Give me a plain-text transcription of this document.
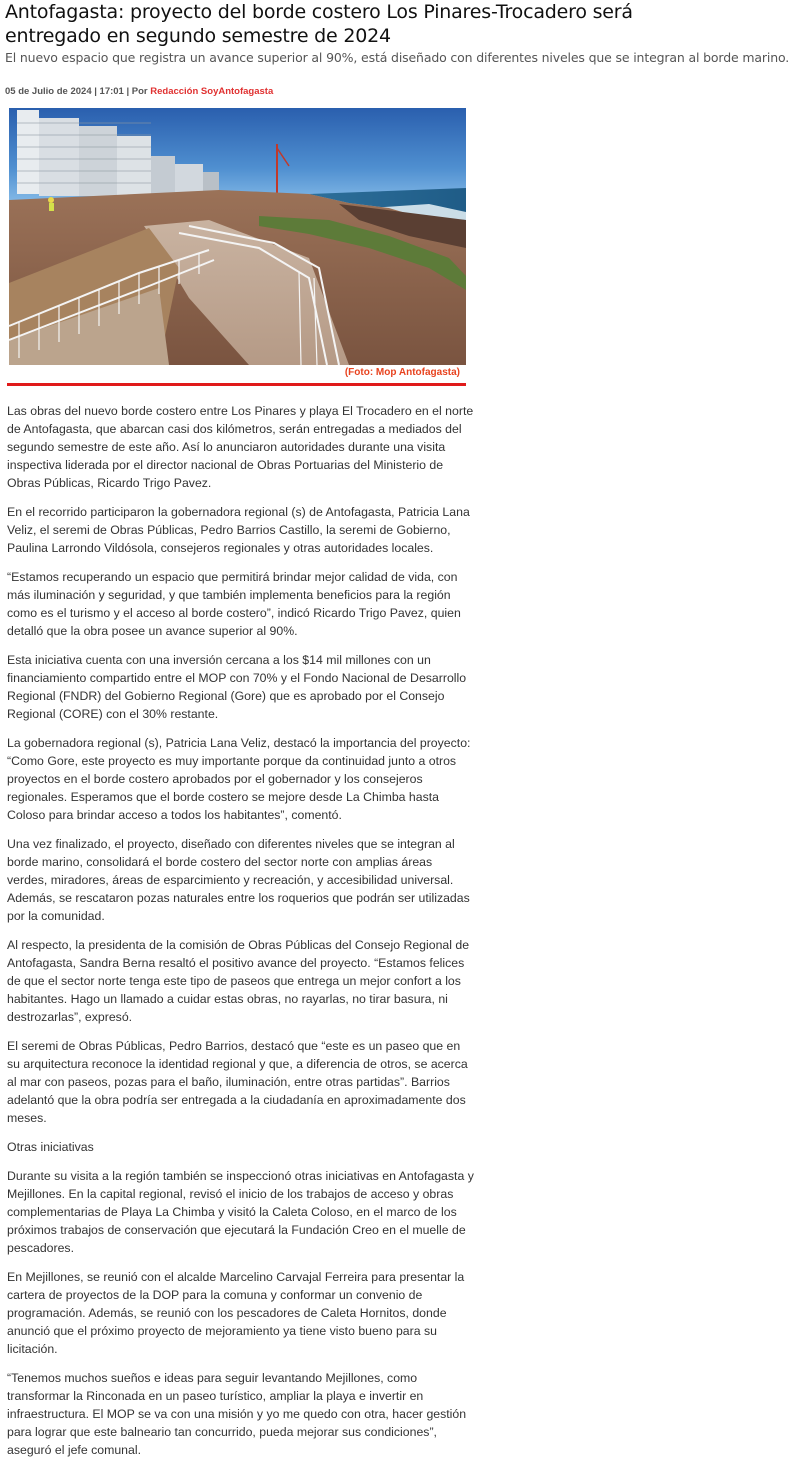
Antofagasta: proyecto del borde costero Los Pinares-Trocadero será entregado en segundo semestre de 2024

El nuevo espacio que registra un avance superior al 90%, está diseñado con diferentes niveles que se integran al borde marino.

05 de Julio de 2024 | 17:01 | Por Redacción SoyAntofagasta
(Foto: Mop Antofagasta)

Las obras del nuevo borde costero entre Los Pinares y playa El Trocadero en el norte de Antofagasta, que abarcan casi dos kilómetros, serán entregadas a mediados del segundo semestre de este año. Así lo anunciaron autoridades durante una visita inspectiva liderada por el director nacional de Obras Portuarias del Ministerio de Obras Públicas, Ricardo Trigo Pavez.

En el recorrido participaron la gobernadora regional (s) de Antofagasta, Patricia Lana Veliz, el seremi de Obras Públicas, Pedro Barrios Castillo, la seremi de Gobierno, Paulina Larrondo Vildósola, consejeros regionales y otras autoridades locales.

“Estamos recuperando un espacio que permitirá brindar mejor calidad de vida, con más iluminación y seguridad, y que también implementa beneficios para la región como es el turismo y el acceso al borde costero”, indicó Ricardo Trigo Pavez, quien detalló que la obra posee un avance superior al 90%.

Esta iniciativa cuenta con una inversión cercana a los $14 mil millones con un financiamiento compartido entre el MOP con 70% y el Fondo Nacional de Desarrollo Regional (FNDR) del Gobierno Regional (Gore) que es aprobado por el Consejo Regional (CORE) con el 30% restante.

La gobernadora regional (s), Patricia Lana Veliz, destacó la importancia del proyecto: “Como Gore, este proyecto es muy importante porque da continuidad junto a otros proyectos en el borde costero aprobados por el gobernador y los consejeros regionales. Esperamos que el borde costero se mejore desde La Chimba hasta Coloso para brindar acceso a todos los habitantes”, comentó.

Una vez finalizado, el proyecto, diseñado con diferentes niveles que se integran al borde marino, consolidará el borde costero del sector norte con amplias áreas verdes, miradores, áreas de esparcimiento y recreación, y accesibilidad universal. Además, se rescataron pozas naturales entre los roquerios que podrán ser utilizadas por la comunidad.

Al respecto, la presidenta de la comisión de Obras Públicas del Consejo Regional de Antofagasta, Sandra Berna resaltó el positivo avance del proyecto. “Estamos felices de que el sector norte tenga este tipo de paseos que entrega un mejor confort a los habitantes. Hago un llamado a cuidar estas obras, no rayarlas, no tirar basura, ni destrozarlas”, expresó.

El seremi de Obras Públicas, Pedro Barrios, destacó que “este es un paseo que en su arquitectura reconoce la identidad regional y que, a diferencia de otros, se acerca al mar con paseos, pozas para el baño, iluminación, entre otras partidas”. Barrios adelantó que la obra podría ser entregada a la ciudadanía en aproximadamente dos meses.

Otras iniciativas

Durante su visita a la región también se inspeccionó otras iniciativas en Antofagasta y Mejillones. En la capital regional, revisó el inicio de los trabajos de acceso y obras complementarias de Playa La Chimba y visitó la Caleta Coloso, en el marco de los próximos trabajos de conservación que ejecutará la Fundación Creo en el muelle de pescadores.

En Mejillones, se reunió con el alcalde Marcelino Carvajal Ferreira para presentar la cartera de proyectos de la DOP para la comuna y conformar un convenio de programación. Además, se reunió con los pescadores de Caleta Hornitos, donde anunció que el próximo proyecto de mejoramiento ya tiene visto bueno para su licitación.

“Tenemos muchos sueños e ideas para seguir levantando Mejillones, como transformar la Rinconada en un paseo turístico, ampliar la playa e invertir en infraestructura. El MOP se va con una misión y yo me quedo con otra, hacer gestión para lograr que este balneario tan concurrido, pueda mejorar sus condiciones”, aseguró el jefe comunal.
